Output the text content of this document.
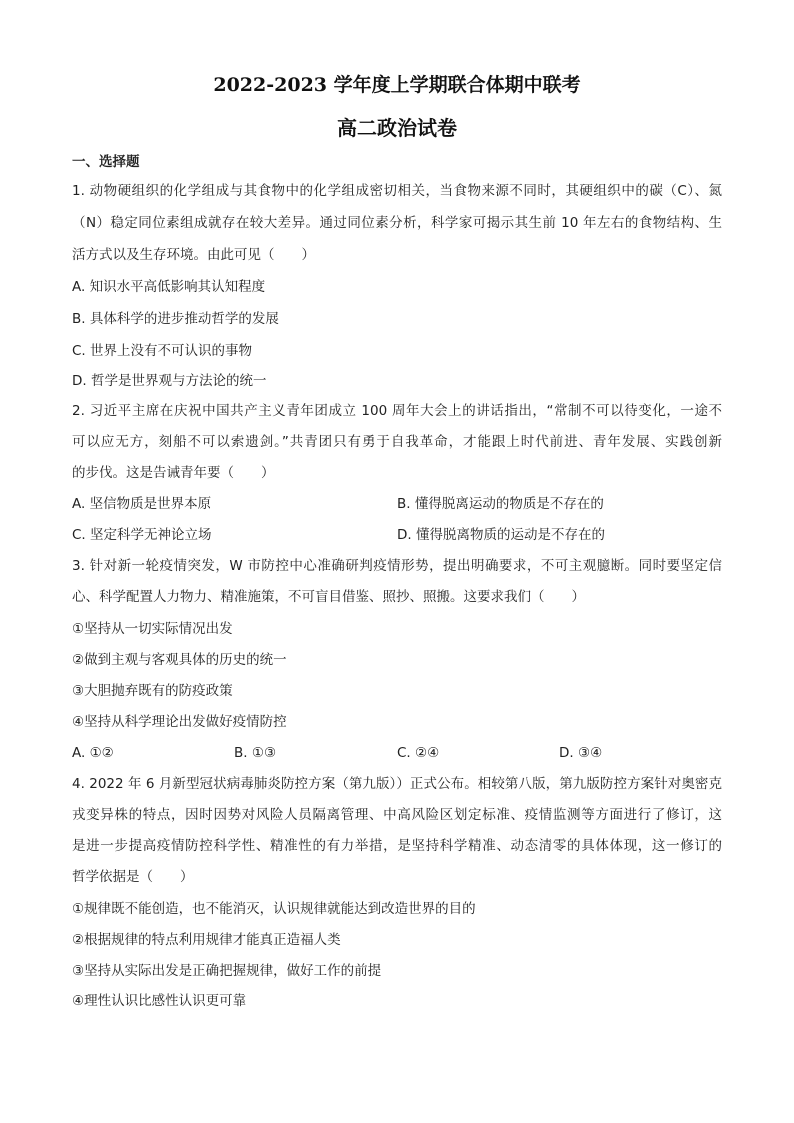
2022-2023 学年度上学期联合体期中联考
高二政治试卷
一、选择题
1. 动物硬组织的化学组成与其食物中的化学组成密切相关，当食物来源不同时，其硬组织中的碳（C）、氮
（N）稳定同位素组成就存在较大差异。通过同位素分析，科学家可揭示其生前 10 年左右的食物结构、生
活方式以及生存环境。由此可见（　　）
A. 知识水平高低影响其认知程度
B. 具体科学的进步推动哲学的发展
C. 世界上没有不可认识的事物
D. 哲学是世界观与方法论的统一
2. 习近平主席在庆祝中国共产主义青年团成立 100 周年大会上的讲话指出，“常制不可以待变化，一途不
可以应无方，刻船不可以索遗剑。”共青团只有勇于自我革命，才能跟上时代前进、青年发展、实践创新
的步伐。这是告诫青年要（　　）
A. 坚信物质是世界本原	B. 懂得脱离运动的物质是不存在的
C. 坚定科学无神论立场	D. 懂得脱离物质的运动是不存在的
3. 针对新一轮疫情突发，W 市防控中心准确研判疫情形势，提出明确要求，不可主观臆断。同时要坚定信
心、科学配置人力物力、精准施策，不可盲目借鉴、照抄、照搬。这要求我们（　　）
①坚持从一切实际情况出发
②做到主观与客观具体的历史的统一
③大胆抛弃既有的防疫政策
④坚持从科学理论出发做好疫情防控
A. ①②	B. ①③	C. ②④	D. ③④
4. 2022 年 6 月新型冠状病毒肺炎防控方案（第九版））正式公布。相较第八版，第九版防控方案针对奥密克
戎变异株的特点，因时因势对风险人员隔离管理、中高风险区划定标准、疫情监测等方面进行了修订，这
是进一步提高疫情防控科学性、精准性的有力举措，是坚持科学精准、动态清零的具体体现，这一修订的
哲学依据是（　　）
①规律既不能创造，也不能消灭，认识规律就能达到改造世界的目的
②根据规律的特点利用规律才能真正造福人类
③坚持从实际出发是正确把握规律，做好工作的前提
④理性认识比感性认识更可靠
